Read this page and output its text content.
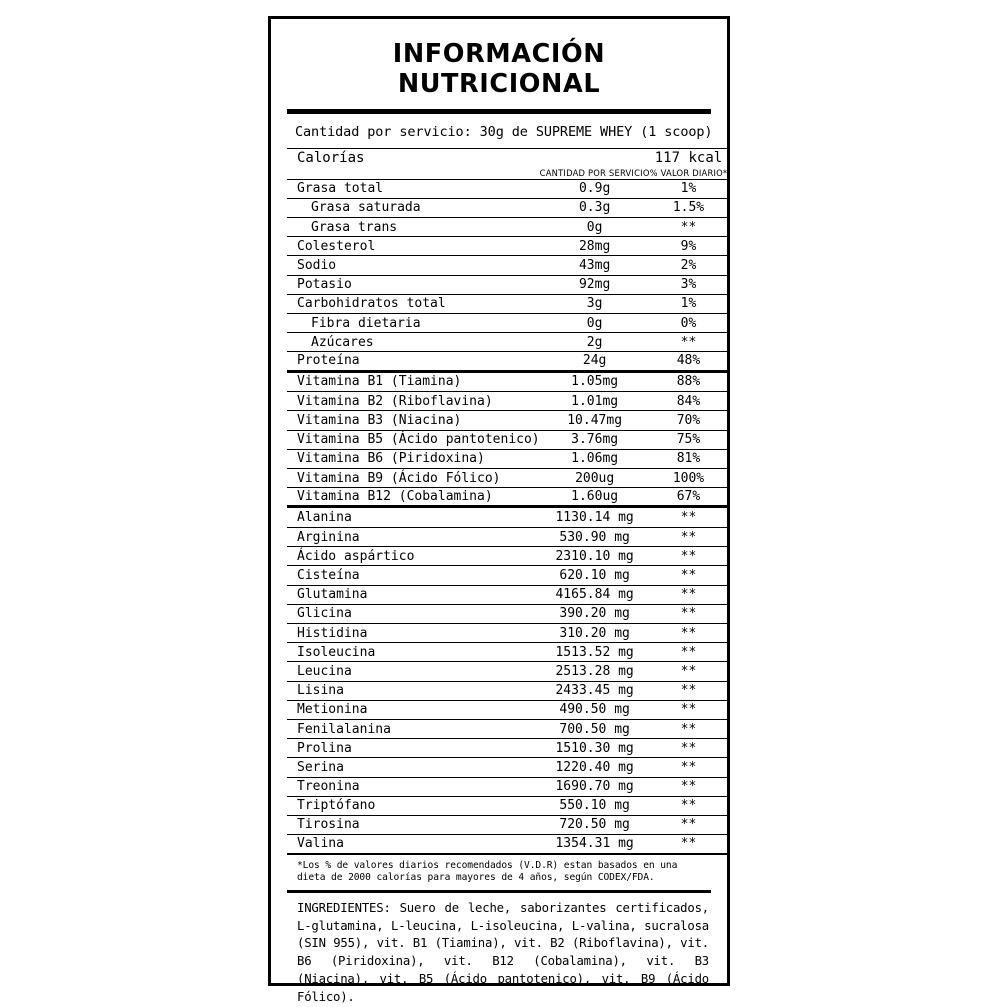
INFORMACIÓN NUTRICIONAL
Cantidad por servicio: 30g de SUPREME WHEY (1 scoop)
Calorías		117 kcal
	CANTIDAD POR SERVICIO	% VALOR DIARIO*
Grasa total	0.9g	1%
Grasa saturada	0.3g	1.5%
Grasa trans	0g	**
Colesterol	28mg	9%
Sodio	43mg	2%
Potasio	92mg	3%
Carbohidratos total	3g	1%
Fibra dietaria	0g	0%
Azúcares	2g	**
Proteína	24g	48%

Vitamina B1 (Tiamina)	1.05mg	88%
Vitamina B2 (Riboflavina)	1.01mg	84%
Vitamina B3 (Niacina)	10.47mg	70%
Vitamina B5 (Ácido pantotenico)	3.76mg	75%
Vitamina B6 (Piridoxina)	1.06mg	81%
Vitamina B9 (Ácido Fólico)	200ug	100%
Vitamina B12 (Cobalamina)	1.60ug	67%

Alanina	1130.14 mg	**
Arginina	530.90 mg	**
Ácido aspártico	2310.10 mg	**
Cisteína	620.10 mg	**
Glutamina	4165.84 mg	**
Glicina	390.20 mg	**
Histidina	310.20 mg	**
Isoleucina	1513.52 mg	**
Leucina	2513.28 mg	**
Lisina	2433.45 mg	**
Metionina	490.50 mg	**
Fenilalanina	700.50 mg	**
Prolina	1510.30 mg	**
Serina	1220.40 mg	**
Treonina	1690.70 mg	**
Triptófano	550.10 mg	**
Tirosina	720.50 mg	**
Valina	1354.31 mg	**

*Los % de valores diarios recomendados (V.D.R) estan basados en una dieta de 2000 calorías para mayores de 4 años, según CODEX/FDA.
INGREDIENTES: Suero de leche, saborizantes certificados, L-glutamina, L-leucina, L-isoleucina, L-valina, sucralosa (SIN 955), vit. B1 (Tiamina), vit. B2 (Riboflavina), vit. B6 (Piridoxina), vit. B12 (Cobalamina), vit. B3 (Niacina), vit. B5 (Ácido pantotenico), vit. B9 (Ácido Fólico).
